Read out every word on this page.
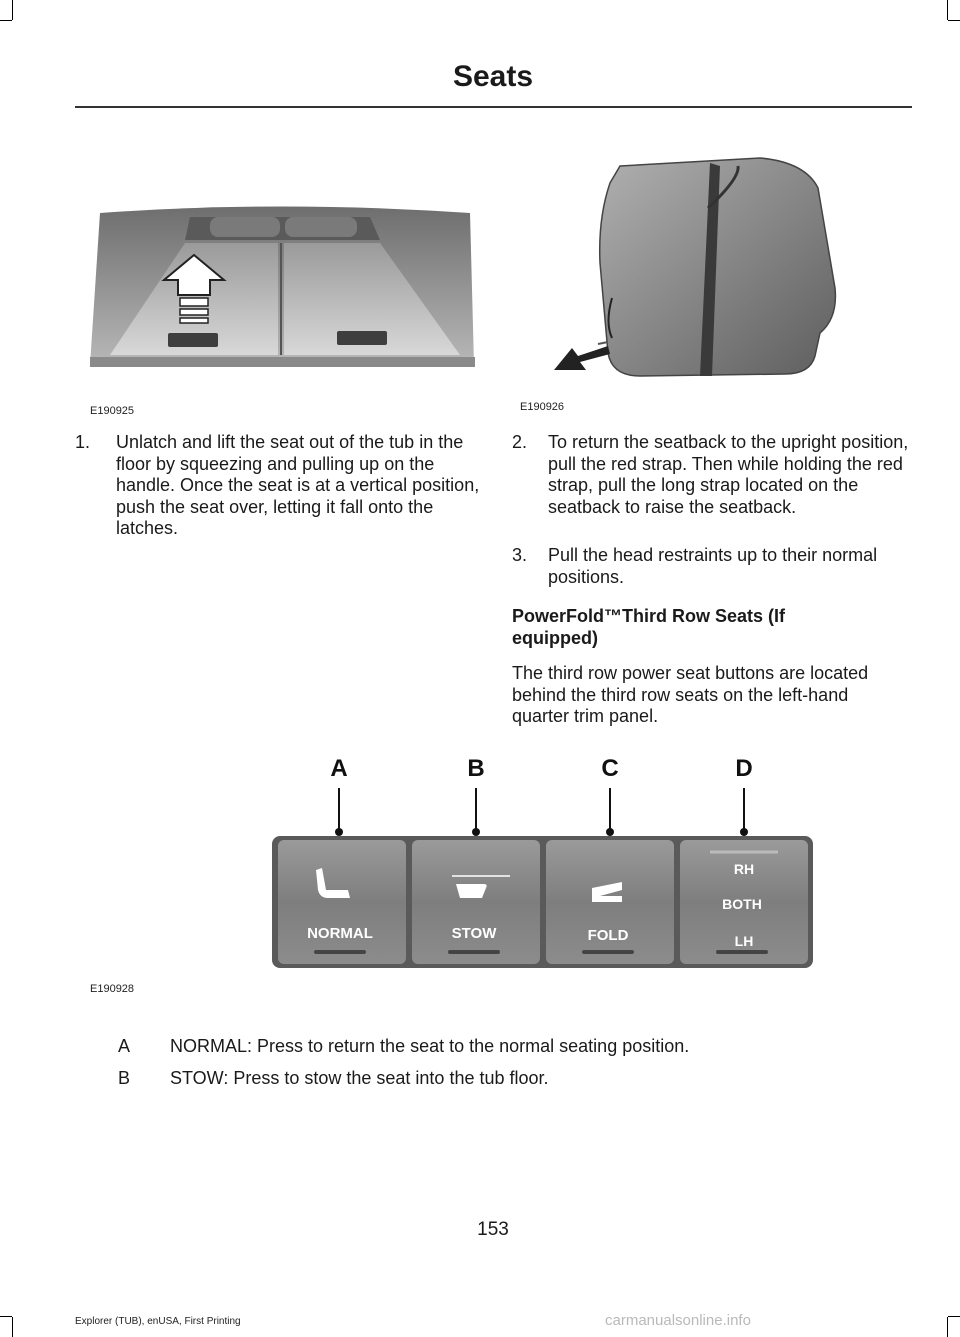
Seats
E190925	E190926
1.	Unlatch and lift the seat out of the tub in the floor by squeezing and pulling up on the handle. Once the seat is at a vertical position, push the seat over, letting it fall onto the latches.
2.	To return the seatback to the upright position, pull the red strap. Then while holding the red strap, pull the long strap located on the seatback to raise the seatback.
3.	Pull the head restraints up to their normal positions.
PowerFold™Third Row Seats (If equipped)
The third row power seat buttons are located behind the third row seats on the left-hand quarter trim panel.
A	B	C	D
NORMAL	STOW	FOLD
RH
BOTH
LH
E190928
A	NORMAL: Press to return the seat to the normal seating position.
B	STOW: Press to stow the seat into the tub floor.
153
Explorer (TUB), enUSA, First Printing	carmanualsonline.info
